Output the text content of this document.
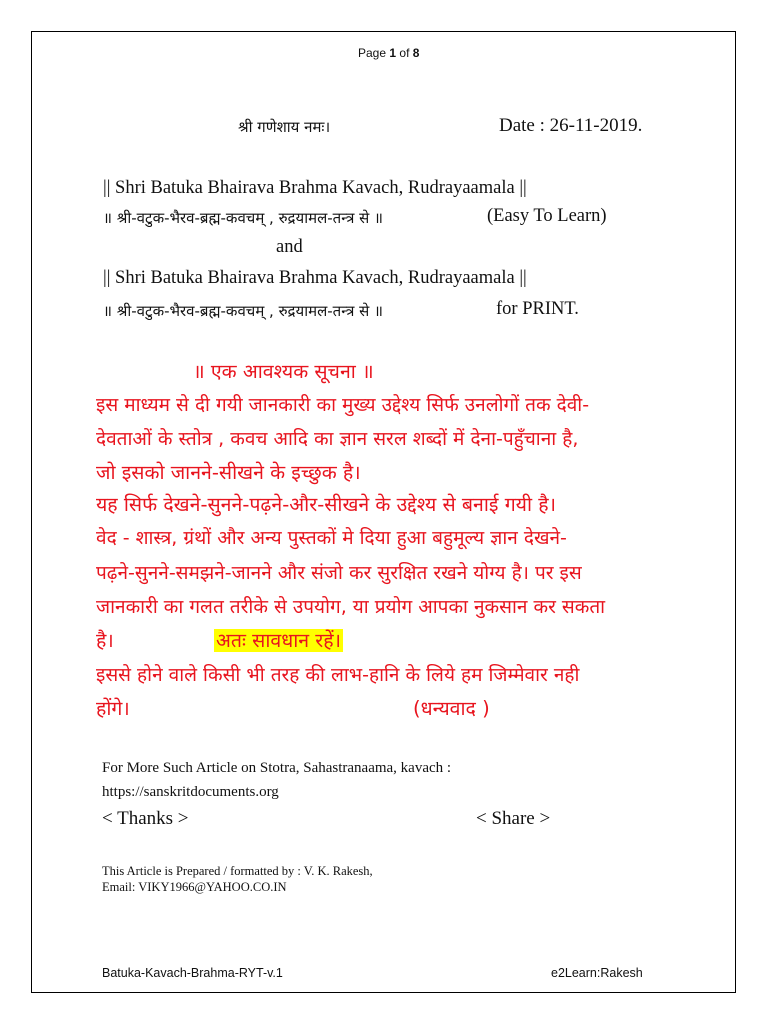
Page 1 of 8
श्री गणेशाय नमः।	Date : 26-11-2019.
|| Shri Batuka Bhairava Brahma Kavach, Rudrayaamala ||
॥ श्री-वटुक-भैरव-ब्रह्म-कवचम् , रुद्रयामल-तन्त्र से ॥	(Easy To Learn)
and
|| Shri Batuka Bhairava Brahma Kavach, Rudrayaamala ||
॥ श्री-वटुक-भैरव-ब्रह्म-कवचम् , रुद्रयामल-तन्त्र से ॥	for PRINT.
॥ एक आवश्यक सूचना ॥
इस माध्यम से दी गयी जानकारी का मुख्य उद्देश्य सिर्फ उनलोगों तक देवी-
देवताओं के स्तोत्र , कवच आदि का ज्ञान सरल शब्दों में देना-पहुँचाना है,
जो इसको जानने-सीखने के इच्छुक है।
यह सिर्फ देखने-सुनने-पढ़ने-और-सीखने के उद्देश्य से बनाई गयी है।
वेद - शास्त्र, ग्रंथों और अन्य पुस्तकों मे दिया हुआ बहुमूल्य ज्ञान देखने-
पढ़ने-सुनने-समझने-जानने और संजो कर सुरक्षित रखने योग्य है। पर इस
जानकारी का गलत तरीके से उपयोग, या प्रयोग आपका नुकसान कर सकता
है।	अतः सावधान रहें।
इससे होने वाले किसी भी तरह की लाभ-हानि के लिये हम जिम्मेवार नही
होंगे।	(धन्यवाद )
For More Such Article on Stotra, Sahastranaama, kavach :
https://sanskritdocuments.org
< Thanks >	< Share >
This Article is Prepared / formatted by : V. K. Rakesh,
Email: VIKY1966@YAHOO.CO.IN
Batuka-Kavach-Brahma-RYT-v.1	e2Learn:Rakesh
